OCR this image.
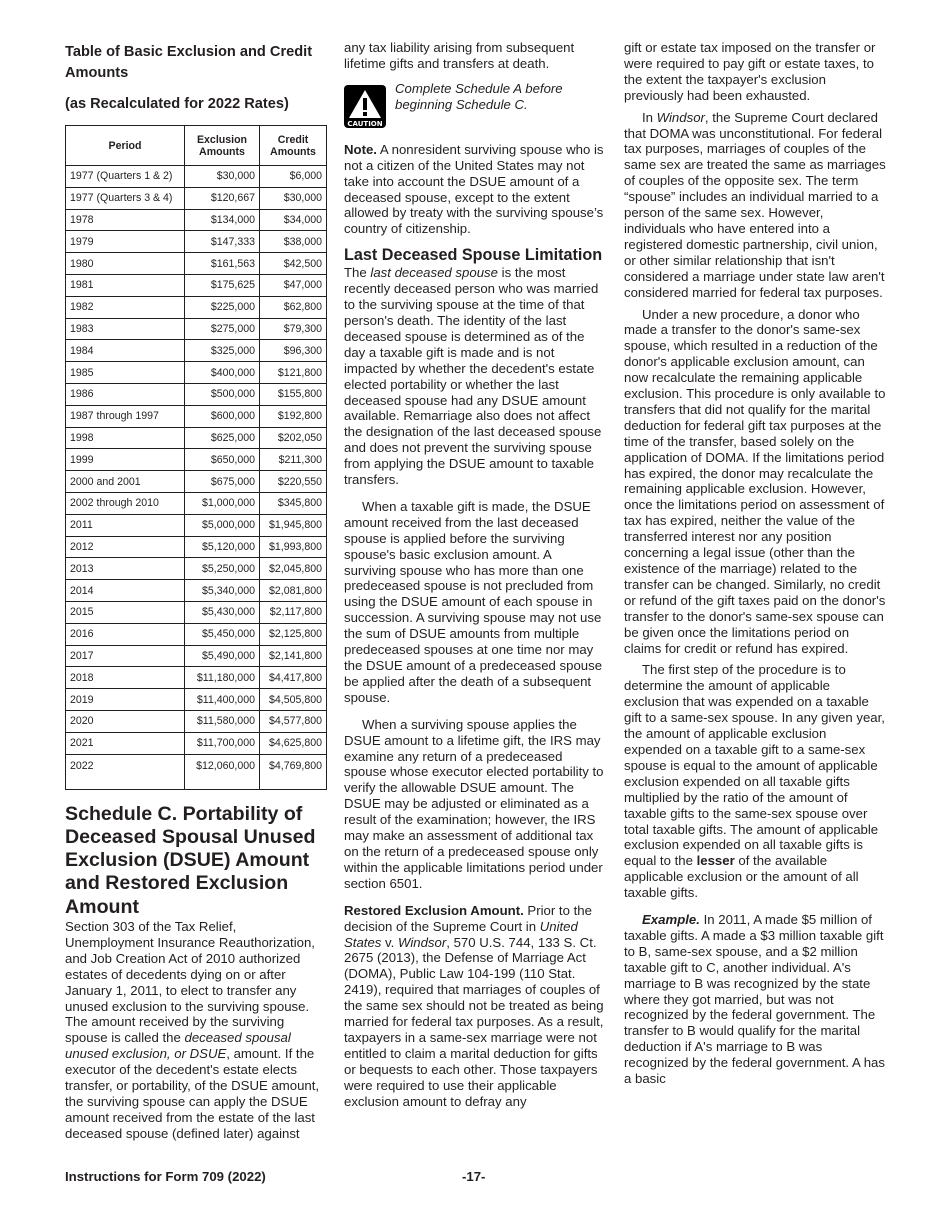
Table of Basic Exclusion and Credit Amounts
(as Recalculated for 2022 Rates)
Period	Exclusion Amounts	Credit Amounts
1977 (Quarters 1 & 2)	$30,000	$6,000
1977 (Quarters 3 & 4)	$120,667	$30,000
1978	$134,000	$34,000
1979	$147,333	$38,000
1980	$161,563	$42,500
1981	$175,625	$47,000
1982	$225,000	$62,800
1983	$275,000	$79,300
1984	$325,000	$96,300
1985	$400,000	$121,800
1986	$500,000	$155,800
1987 through 1997	$600,000	$192,800
1998	$625,000	$202,050
1999	$650,000	$211,300
2000 and 2001	$675,000	$220,550
2002 through 2010	$1,000,000	$345,800
2011	$5,000,000	$1,945,800
2012	$5,120,000	$1,993,800
2013	$5,250,000	$2,045,800
2014	$5,340,000	$2,081,800
2015	$5,430,000	$2,117,800
2016	$5,450,000	$2,125,800
2017	$5,490,000	$2,141,800
2018	$11,180,000	$4,417,800
2019	$11,400,000	$4,505,800
2020	$11,580,000	$4,577,800
2021	$11,700,000	$4,625,800
2022	$12,060,000	$4,769,800
Schedule C. Portability of Deceased Spousal Unused Exclusion (DSUE) Amount and Restored Exclusion Amount

Section 303 of the Tax Relief, Unemployment Insurance Reauthorization, and Job Creation Act of 2010 authorized estates of decedents dying on or after January 1, 2011, to elect to transfer any unused exclusion to the surviving spouse. The amount received by the surviving spouse is called the deceased spousal unused exclusion, or DSUE, amount. If the executor of the decedent's estate elects transfer, or portability, of the DSUE amount, the surviving spouse can apply the DSUE amount received from the estate of the last deceased spouse (defined later) against

any tax liability arising from subsequent lifetime gifts and transfers at death.

CAUTION
Complete Schedule A before beginning Schedule C.

Note. A nonresident surviving spouse who is not a citizen of the United States may not take into account the DSUE amount of a deceased spouse, except to the extent allowed by treaty with the surviving spouse’s country of citizenship.

Last Deceased Spouse Limitation

The last deceased spouse is the most recently deceased person who was married to the surviving spouse at the time of that person's death. The identity of the last deceased spouse is determined as of the day a taxable gift is made and is not impacted by whether the decedent's estate elected portability or whether the last deceased spouse had any DSUE amount available. Remarriage also does not affect the designation of the last deceased spouse and does not prevent the surviving spouse from applying the DSUE amount to taxable transfers.

When a taxable gift is made, the DSUE amount received from the last deceased spouse is applied before the surviving spouse's basic exclusion amount. A surviving spouse who has more than one predeceased spouse is not precluded from using the DSUE amount of each spouse in succession. A surviving spouse may not use the sum of DSUE amounts from multiple predeceased spouses at one time nor may the DSUE amount of a predeceased spouse be applied after the death of a subsequent spouse.

When a surviving spouse applies the DSUE amount to a lifetime gift, the IRS may examine any return of a predeceased spouse whose executor elected portability to verify the allowable DSUE amount. The DSUE may be adjusted or eliminated as a result of the examination; however, the IRS may make an assessment of additional tax on the return of a predeceased spouse only within the applicable limitations period under section 6501.

Restored Exclusion Amount. Prior to the decision of the Supreme Court in United States v. Windsor, 570 U.S. 744, 133 S. Ct. 2675 (2013), the Defense of Marriage Act (DOMA), Public Law 104-199 (110 Stat. 2419), required that marriages of couples of the same sex should not be treated as being married for federal tax purposes. As a result, taxpayers in a same-sex marriage were not entitled to claim a marital deduction for gifts or bequests to each other. Those taxpayers were required to use their applicable exclusion amount to defray any

gift or estate tax imposed on the transfer or were required to pay gift or estate taxes, to the extent the taxpayer's exclusion previously had been exhausted.

In Windsor, the Supreme Court declared that DOMA was unconstitutional. For federal tax purposes, marriages of couples of the same sex are treated the same as marriages of couples of the opposite sex. The term “spouse” includes an individual married to a person of the same sex. However, individuals who have entered into a registered domestic partnership, civil union, or other similar relationship that isn't considered a marriage under state law aren't considered married for federal tax purposes.

Under a new procedure, a donor who made a transfer to the donor's same-sex spouse, which resulted in a reduction of the donor's applicable exclusion amount, can now recalculate the remaining applicable exclusion. This procedure is only available to transfers that did not qualify for the marital deduction for federal gift tax purposes at the time of the transfer, based solely on the application of DOMA. If the limitations period has expired, the donor may recalculate the remaining applicable exclusion. However, once the limitations period on assessment of tax has expired, neither the value of the transferred interest nor any position concerning a legal issue (other than the existence of the marriage) related to the transfer can be changed. Similarly, no credit or refund of the gift taxes paid on the donor's transfer to the donor's same-sex spouse can be given once the limitations period on claims for credit or refund has expired.

The first step of the procedure is to determine the amount of applicable exclusion that was expended on a taxable gift to a same-sex spouse. In any given year, the amount of applicable exclusion expended on a taxable gift to a same-sex spouse is equal to the amount of applicable exclusion expended on all taxable gifts multiplied by the ratio of the amount of taxable gifts to the same-sex spouse over total taxable gifts. The amount of applicable exclusion expended on all taxable gifts is equal to the lesser of the available applicable exclusion or the amount of all taxable gifts.

Example. In 2011, A made $5 million of taxable gifts. A made a $3 million taxable gift to B, same-sex spouse, and a $2 million taxable gift to C, another individual. A's marriage to B was recognized by the state where they got married, but was not recognized by the federal government. The transfer to B would qualify for the marital deduction if A's marriage to B was recognized by the federal government. A has a basic

Instructions for Form 709 (2022)	-17-
